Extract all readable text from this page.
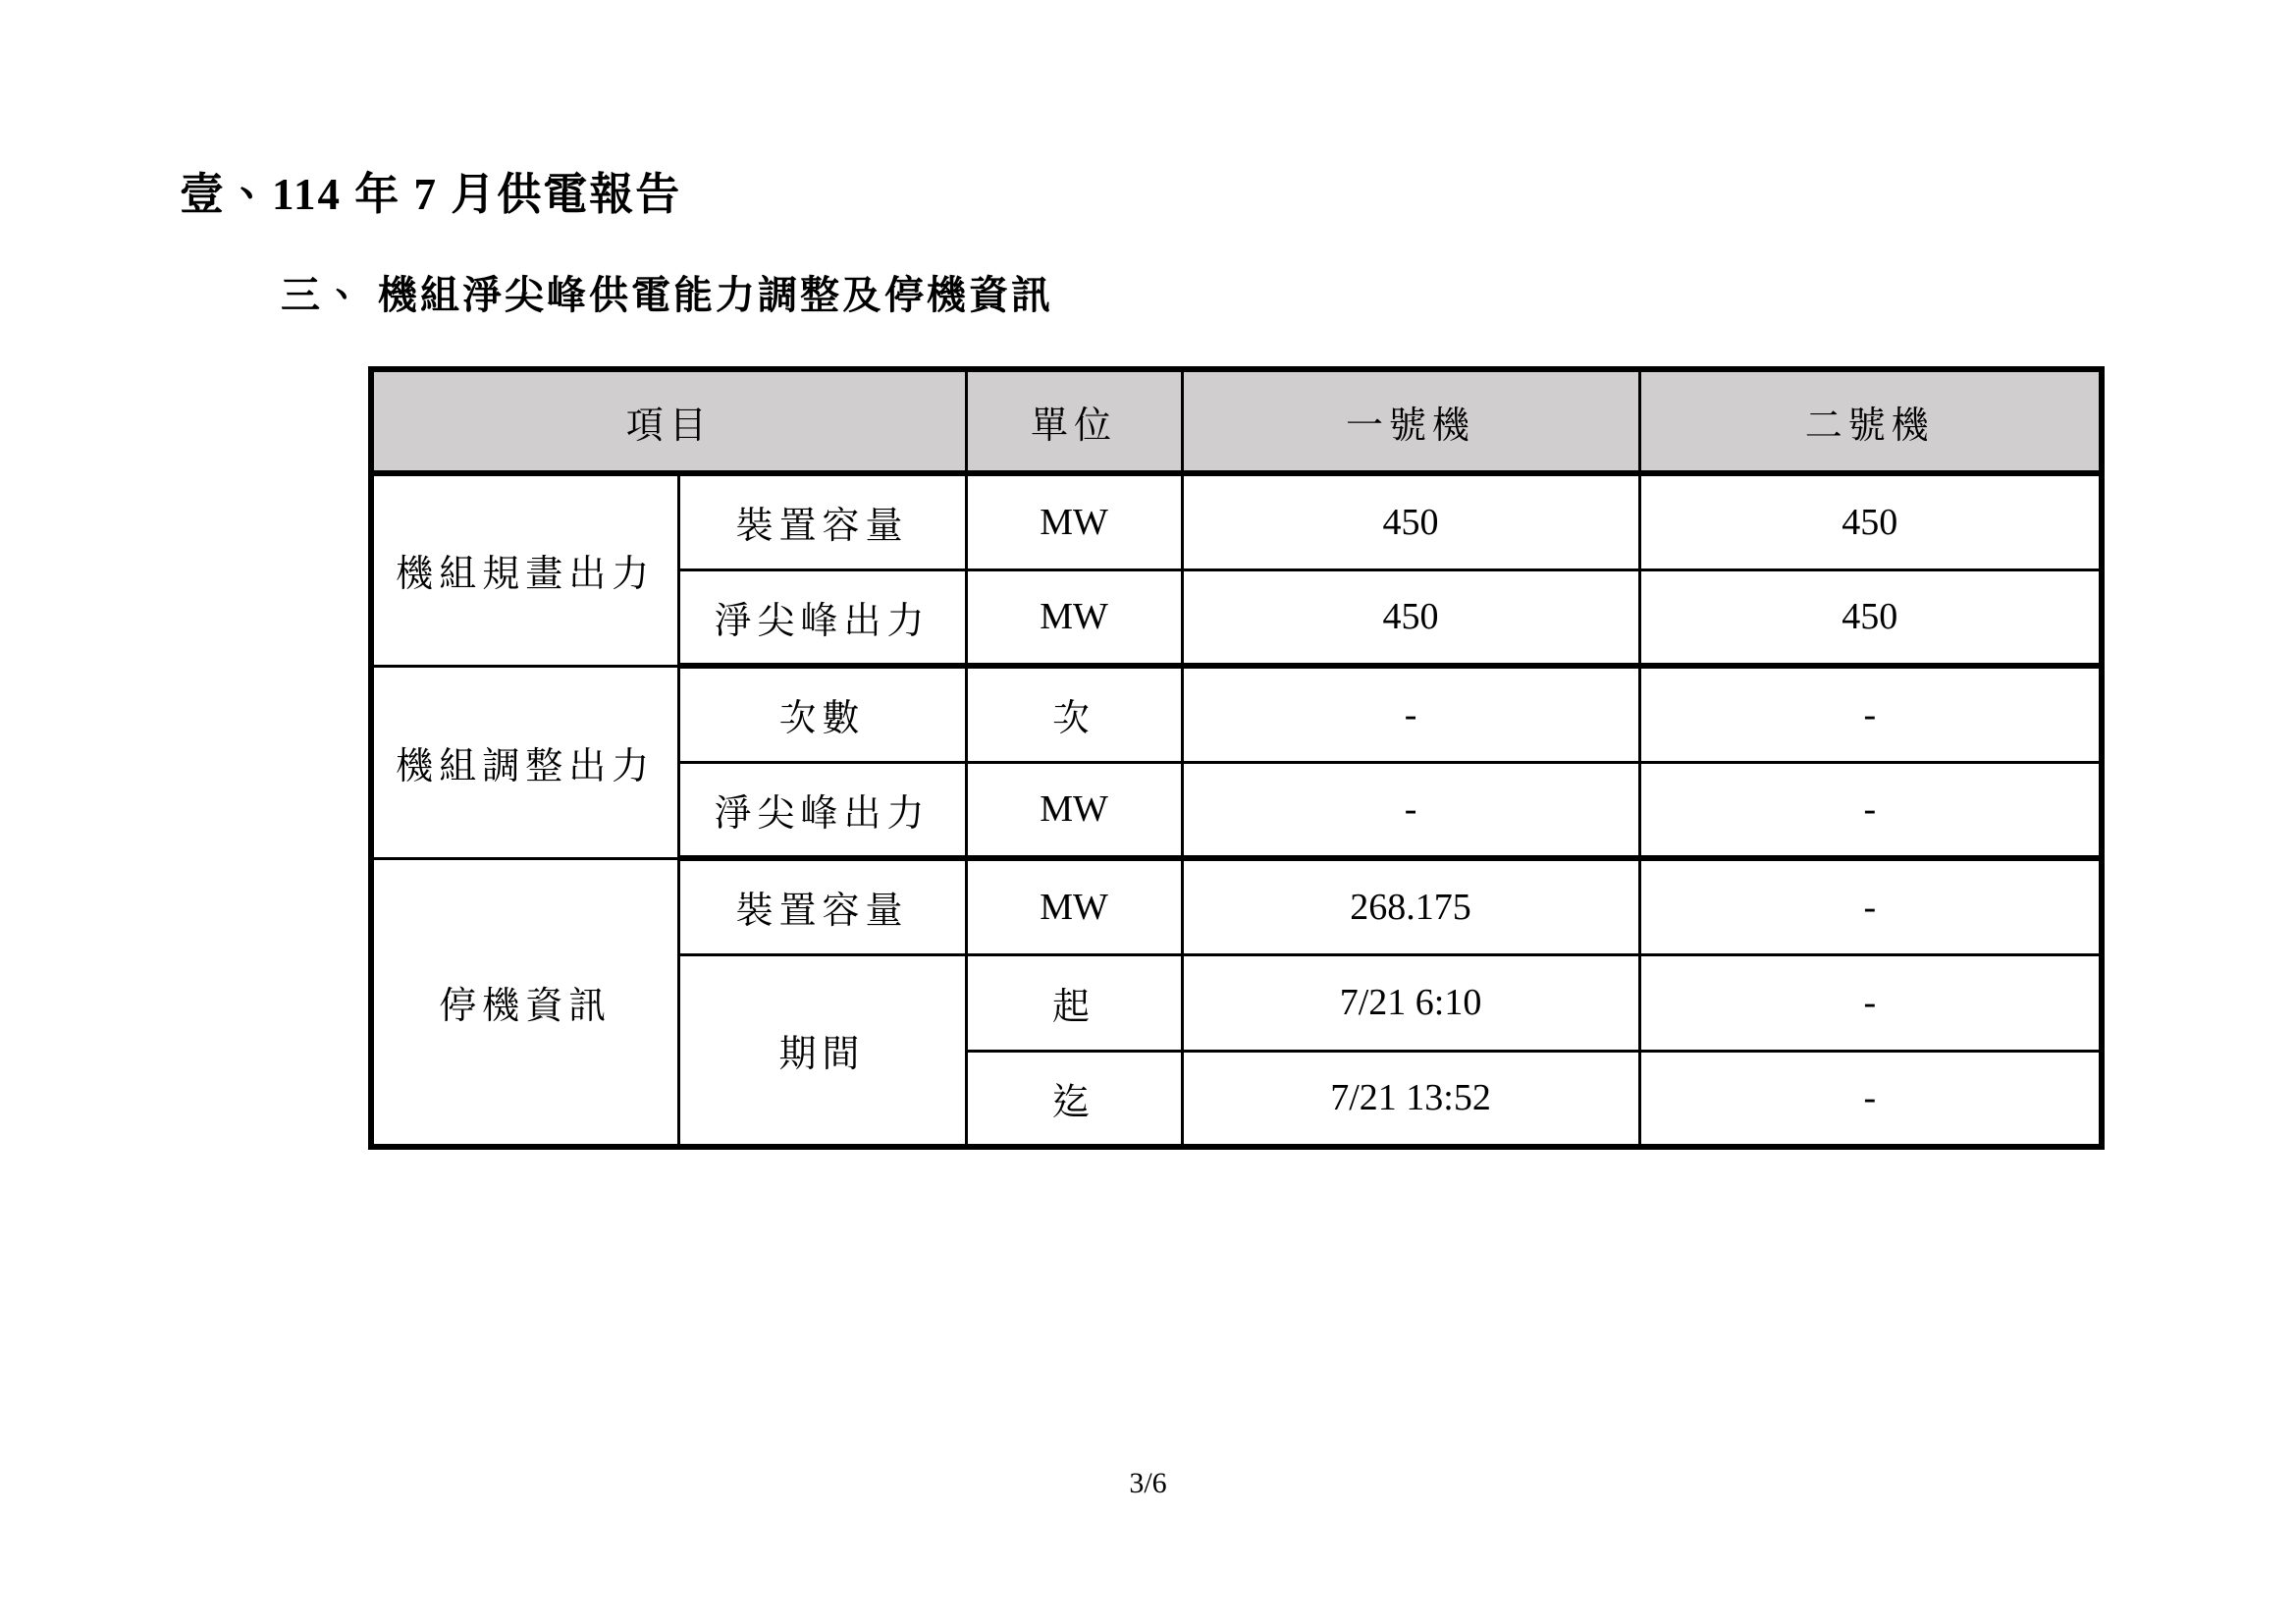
壹、114 年 7 月供電報告
三、 機組淨尖峰供電能力調整及停機資訊
項目		單位	一號機	二號機
機組規畫出力	裝置容量	MW	450	450
	淨尖峰出力	MW	450	450
機組調整出力	次數	次	-	-
	淨尖峰出力	MW	-	-
停機資訊	裝置容量	MW	268.175	-
	期間	起	7/21 6:10	-
		迄	7/21 13:52	-
3/6
